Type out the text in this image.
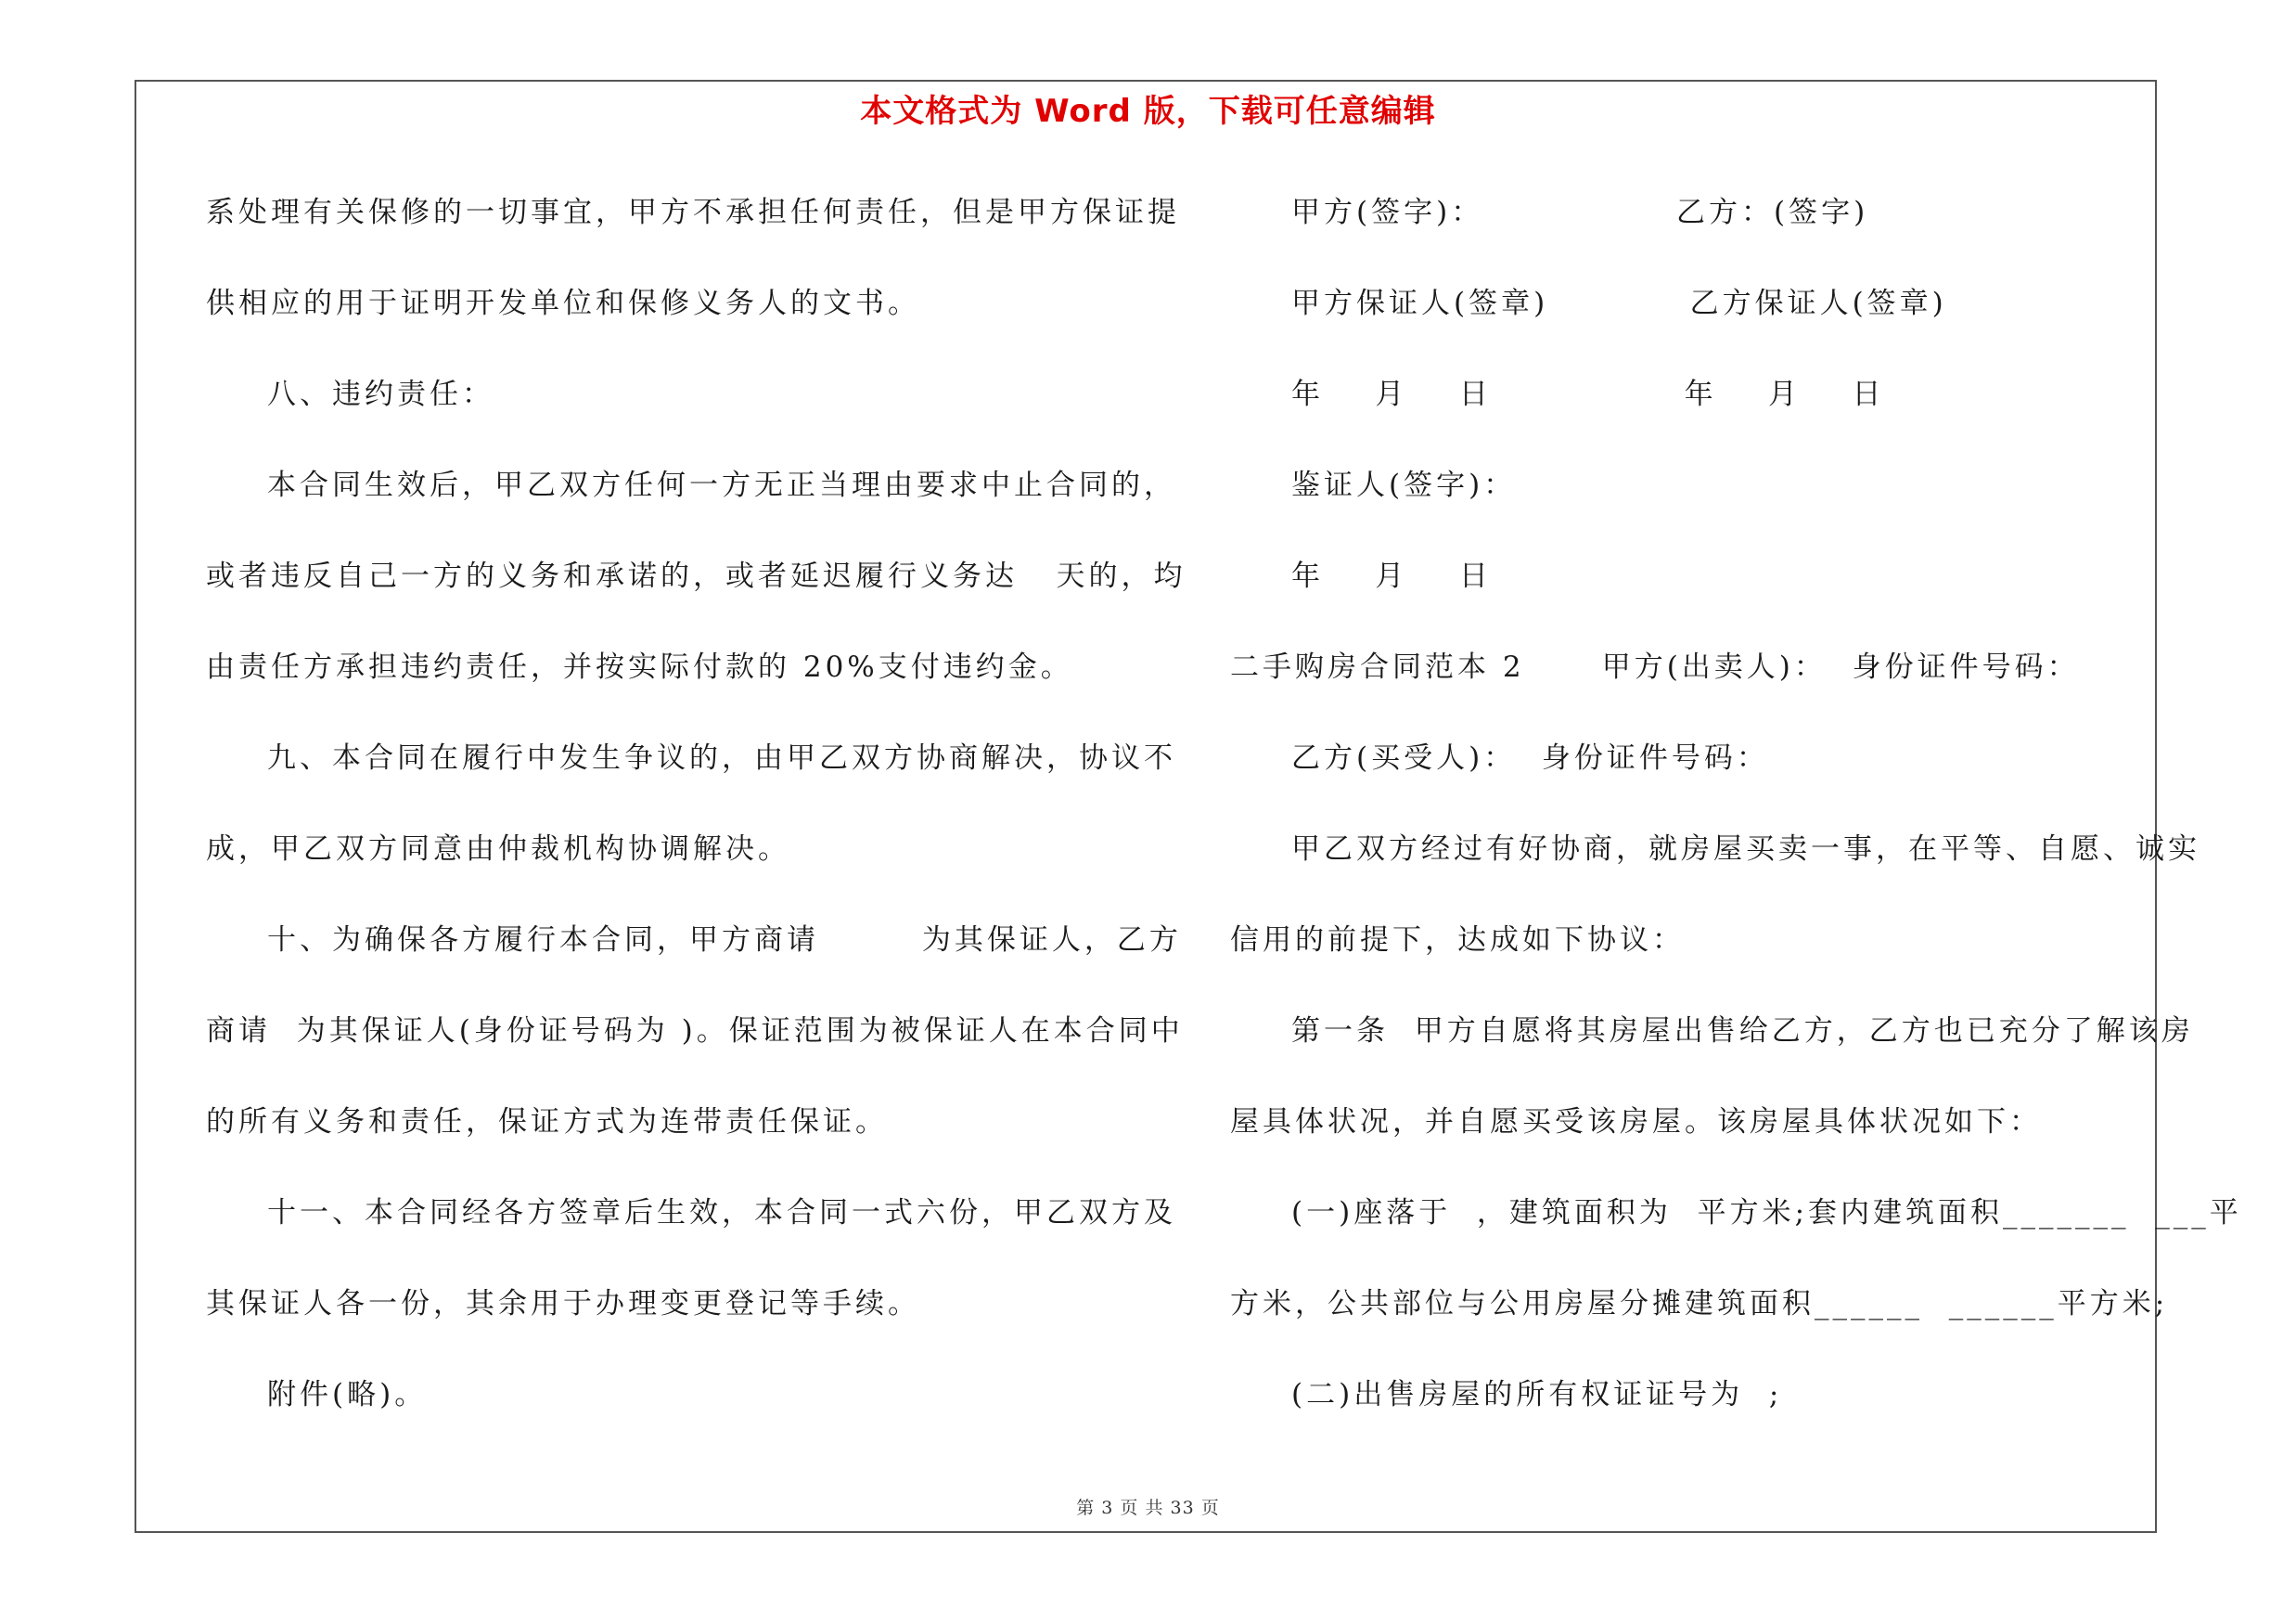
本文格式为 Word 版，下载可任意编辑
系处理有关保修的一切事宜，甲方不承担任何责任，但是甲方保证提
供相应的用于证明开发单位和保修义务人的文书。
八、违约责任：
本合同生效后，甲乙双方任何一方无正当理由要求中止合同的，
或者违反自己一方的义务和承诺的，或者延迟履行义务达   天的，均
由责任方承担违约责任，并按实际付款的 20%支付违约金。
九、本合同在履行中发生争议的，由甲乙双方协商解决，协议不
成，甲乙双方同意由仲裁机构协调解决。
十、为确保各方履行本合同，甲方商请        为其保证人，乙方
商请  为其保证人(身份证号码为 )。保证范围为被保证人在本合同中
的所有义务和责任，保证方式为连带责任保证。
十一、本合同经各方签章后生效，本合同一式六份，甲乙双方及
其保证人各一份，其余用于办理变更登记等手续。
附件(略)。
甲方(签字)：               乙方：(签字)
甲方保证人(签章)           乙方保证人(签章)
年    月    日               年    月    日
鉴证人(签字)：
年    月    日
二手购房合同范本 2      甲方(出卖人)：  身份证件号码：
乙方(买受人)：  身份证件号码：
甲乙双方经过有好协商，就房屋买卖一事，在平等、自愿、诚实
信用的前提下，达成如下协议：
第一条  甲方自愿将其房屋出售给乙方，乙方也已充分了解该房
屋具体状况，并自愿买受该房屋。该房屋具体状况如下：
(一)座落于  ，建筑面积为  平方米;套内建筑面积_______  ___平
方米，公共部位与公用房屋分摊建筑面积______  ______平方米;
(二)出售房屋的所有权证证号为  ;
第 3 页 共 33 页
